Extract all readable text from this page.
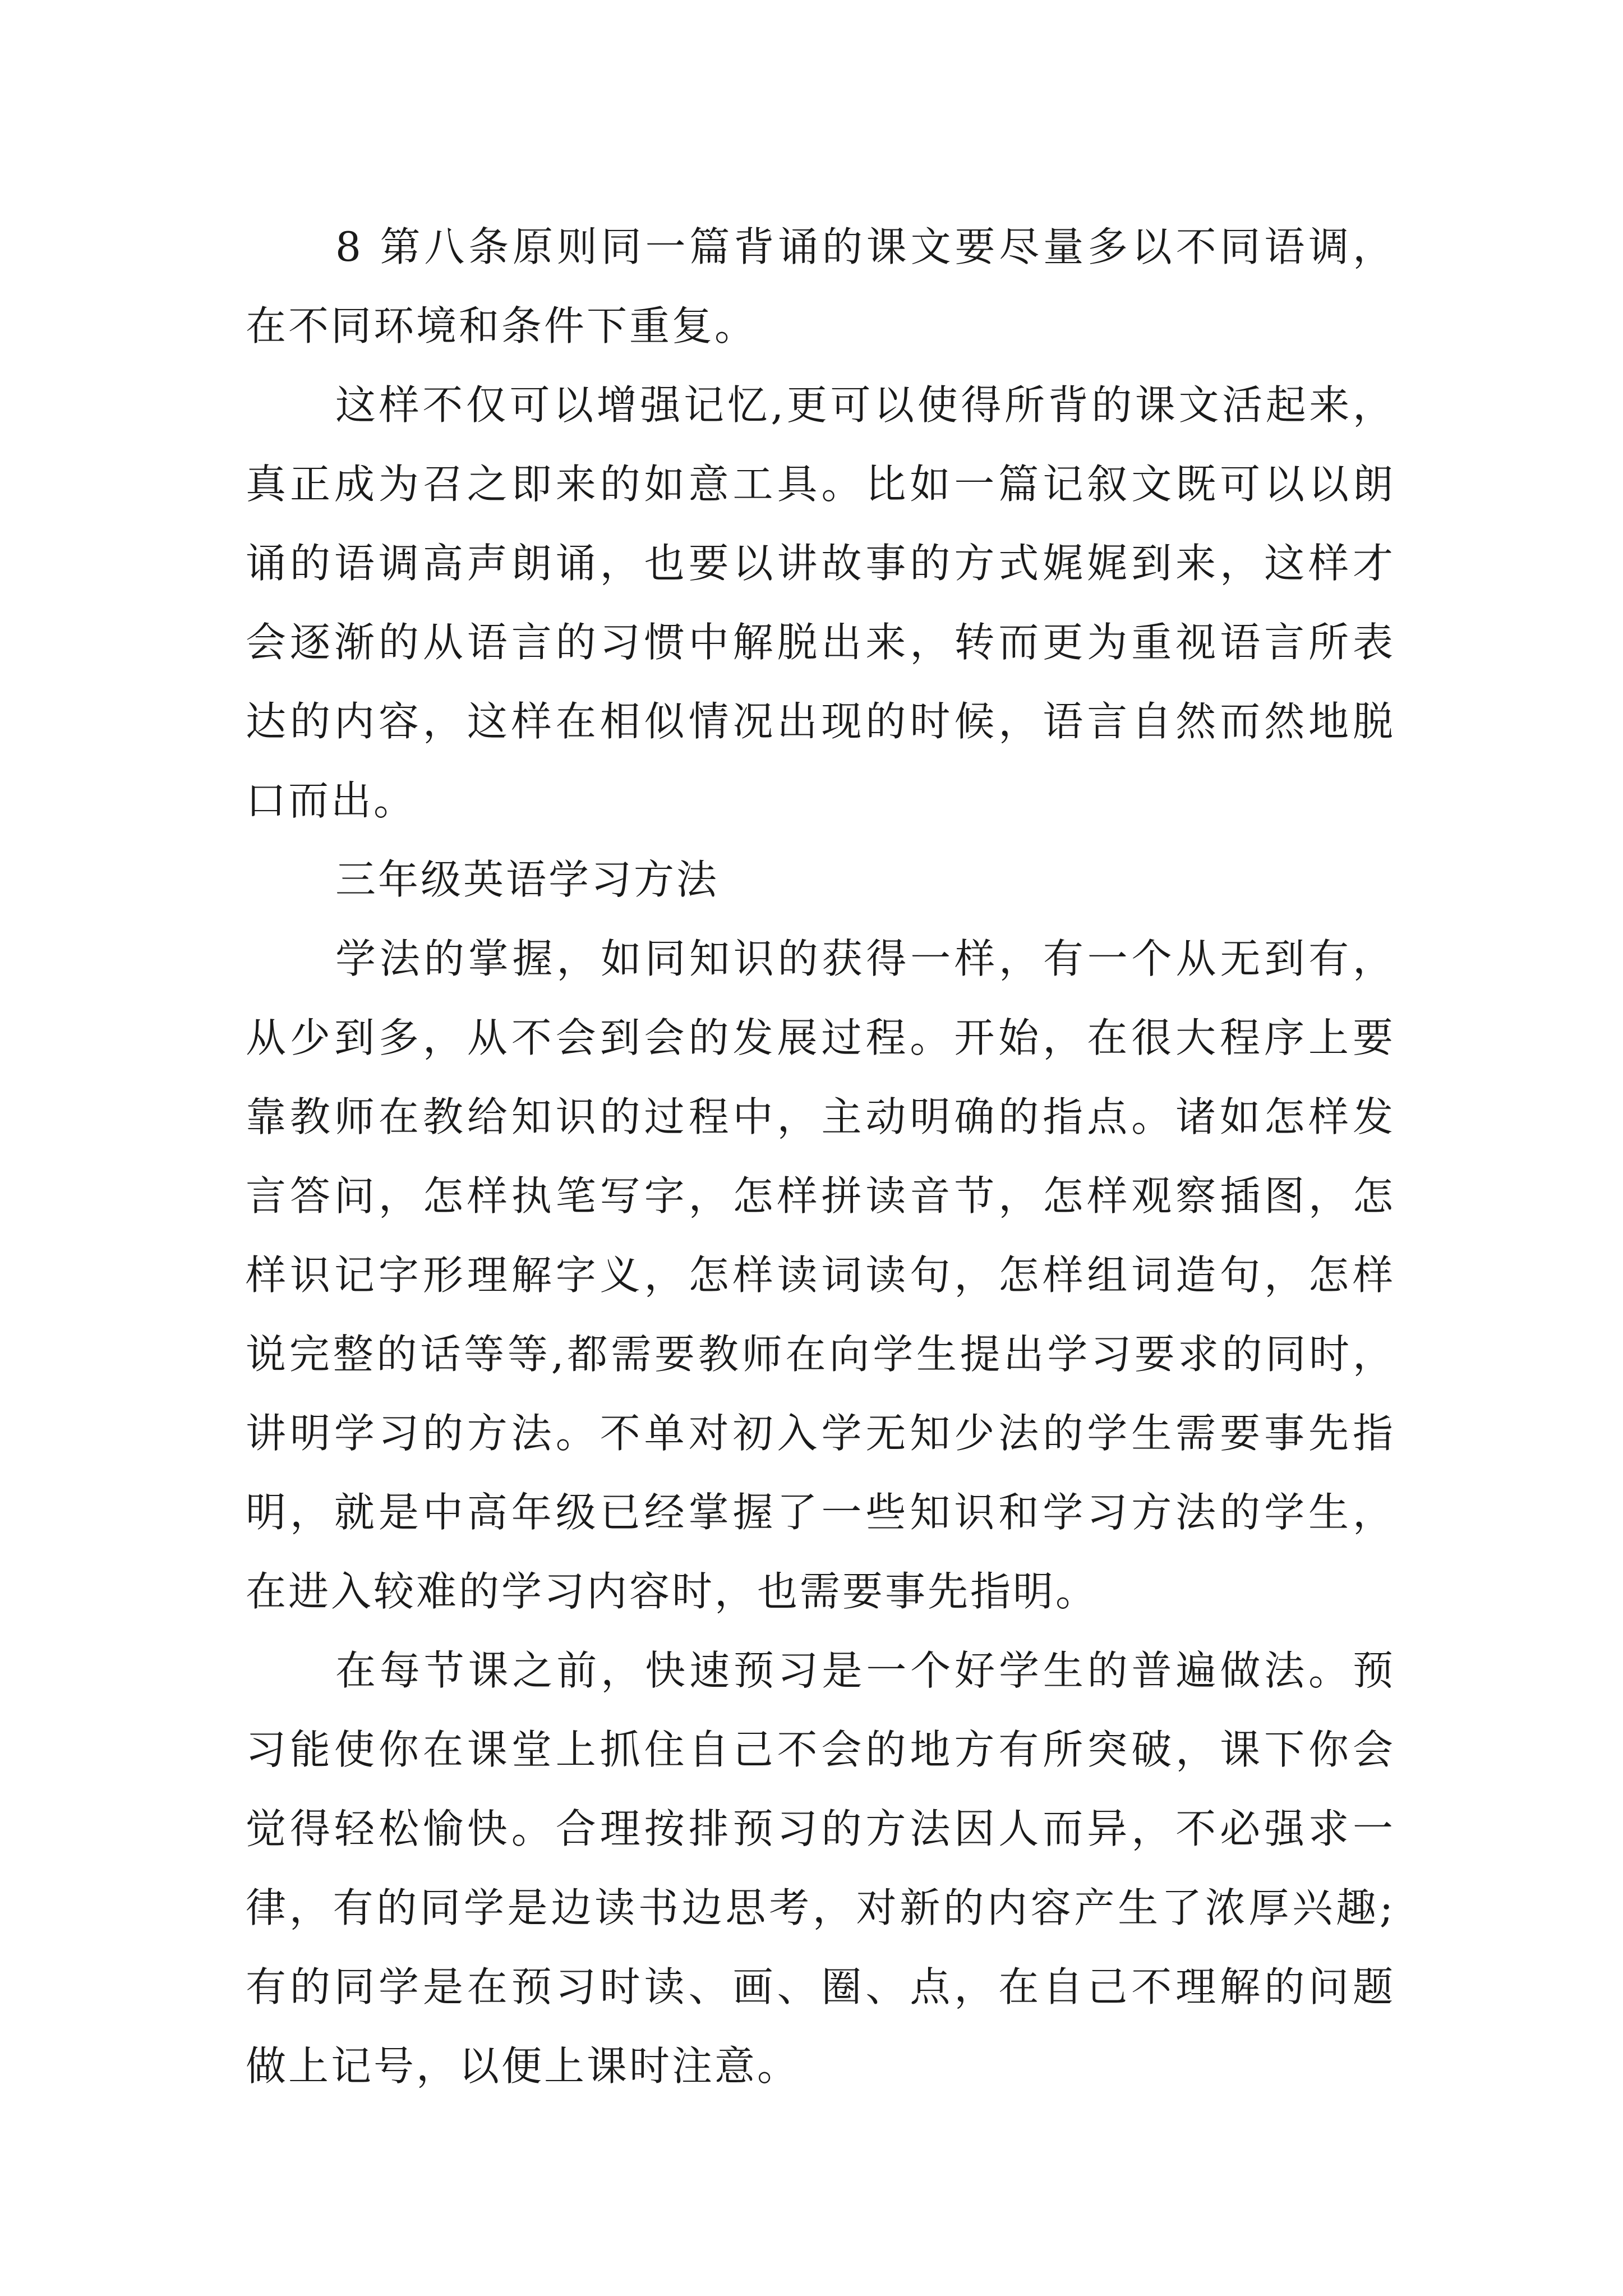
8 第八条原则同一篇背诵的课文要尽量多以不同语调，在不同环境和条件下重复。

这样不仅可以增强记忆,更可以使得所背的课文活起来，真正成为召之即来的如意工具。比如一篇记叙文既可以以朗诵的语调高声朗诵，也要以讲故事的方式娓娓到来，这样才会逐渐的从语言的习惯中解脱出来，转而更为重视语言所表达的内容，这样在相似情况出现的时候，语言自然而然地脱口而出。

三年级英语学习方法

学法的掌握，如同知识的获得一样，有一个从无到有，从少到多，从不会到会的发展过程。开始，在很大程序上要靠教师在教给知识的过程中，主动明确的指点。诸如怎样发言答问，怎样执笔写字，怎样拼读音节，怎样观察插图，怎样识记字形理解字义，怎样读词读句，怎样组词造句，怎样说完整的话等等,都需要教师在向学生提出学习要求的同时，讲明学习的方法。不单对初入学无知少法的学生需要事先指明，就是中高年级已经掌握了一些知识和学习方法的学生，在进入较难的学习内容时，也需要事先指明。

在每节课之前，快速预习是一个好学生的普遍做法。预习能使你在课堂上抓住自己不会的地方有所突破，课下你会觉得轻松愉快。合理按排预习的方法因人而异，不必强求一律，有的同学是边读书边思考，对新的内容产生了浓厚兴趣;有的同学是在预习时读、画、圈、点，在自己不理解的问题做上记号，以便上课时注意。
